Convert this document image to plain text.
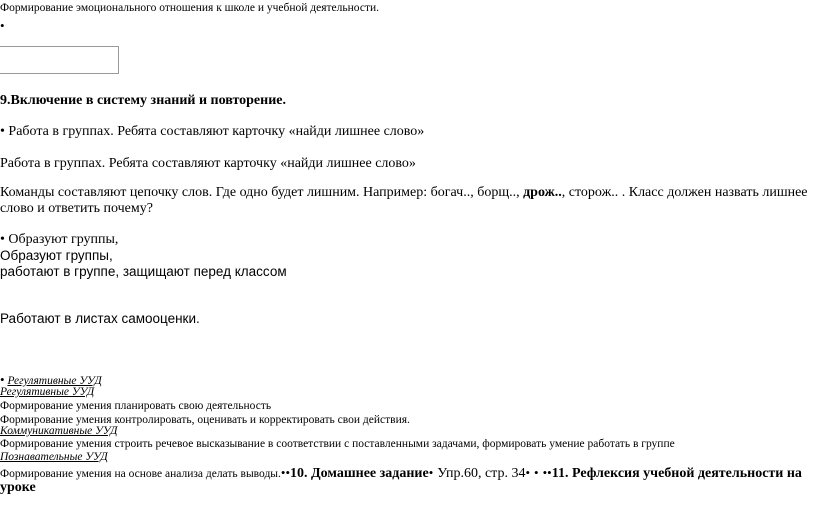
Формирование эмоционального отношения к школе и учебной деятельности.
•
9.Включение в систему знаний и повторение.
• Работа в группах. Ребята составляют карточку «найди лишнее слово»
Работа в группах. Ребята составляют карточку «найди лишнее слово»
Команды составляют цепочку слов. Где одно будет лишним. Например: богач.., борщ.., дрож.., сторож.. . Класс должен назвать лишнее
слово и ответить почему?
• Образуют группы,
Образуют группы,
работают в группе, защищают перед классом
Работают в листах самооценки.
• Регулятивные УУД
Регулятивные УУД
Формирование умения планировать свою деятельность
Формирование умения контролировать, оценивать и корректировать свои действия.
Коммуникативные УУД
Формирование умения строить речевое высказывание в соответствии с поставленными задачами, формировать умение работать в группе
Познавательные УУД
Формирование умения на основе анализа делать выводы.••10. Домашнее задание• Упр.60, стр. 34• • ••11. Рефлексия учебной деятельности на
уроке
